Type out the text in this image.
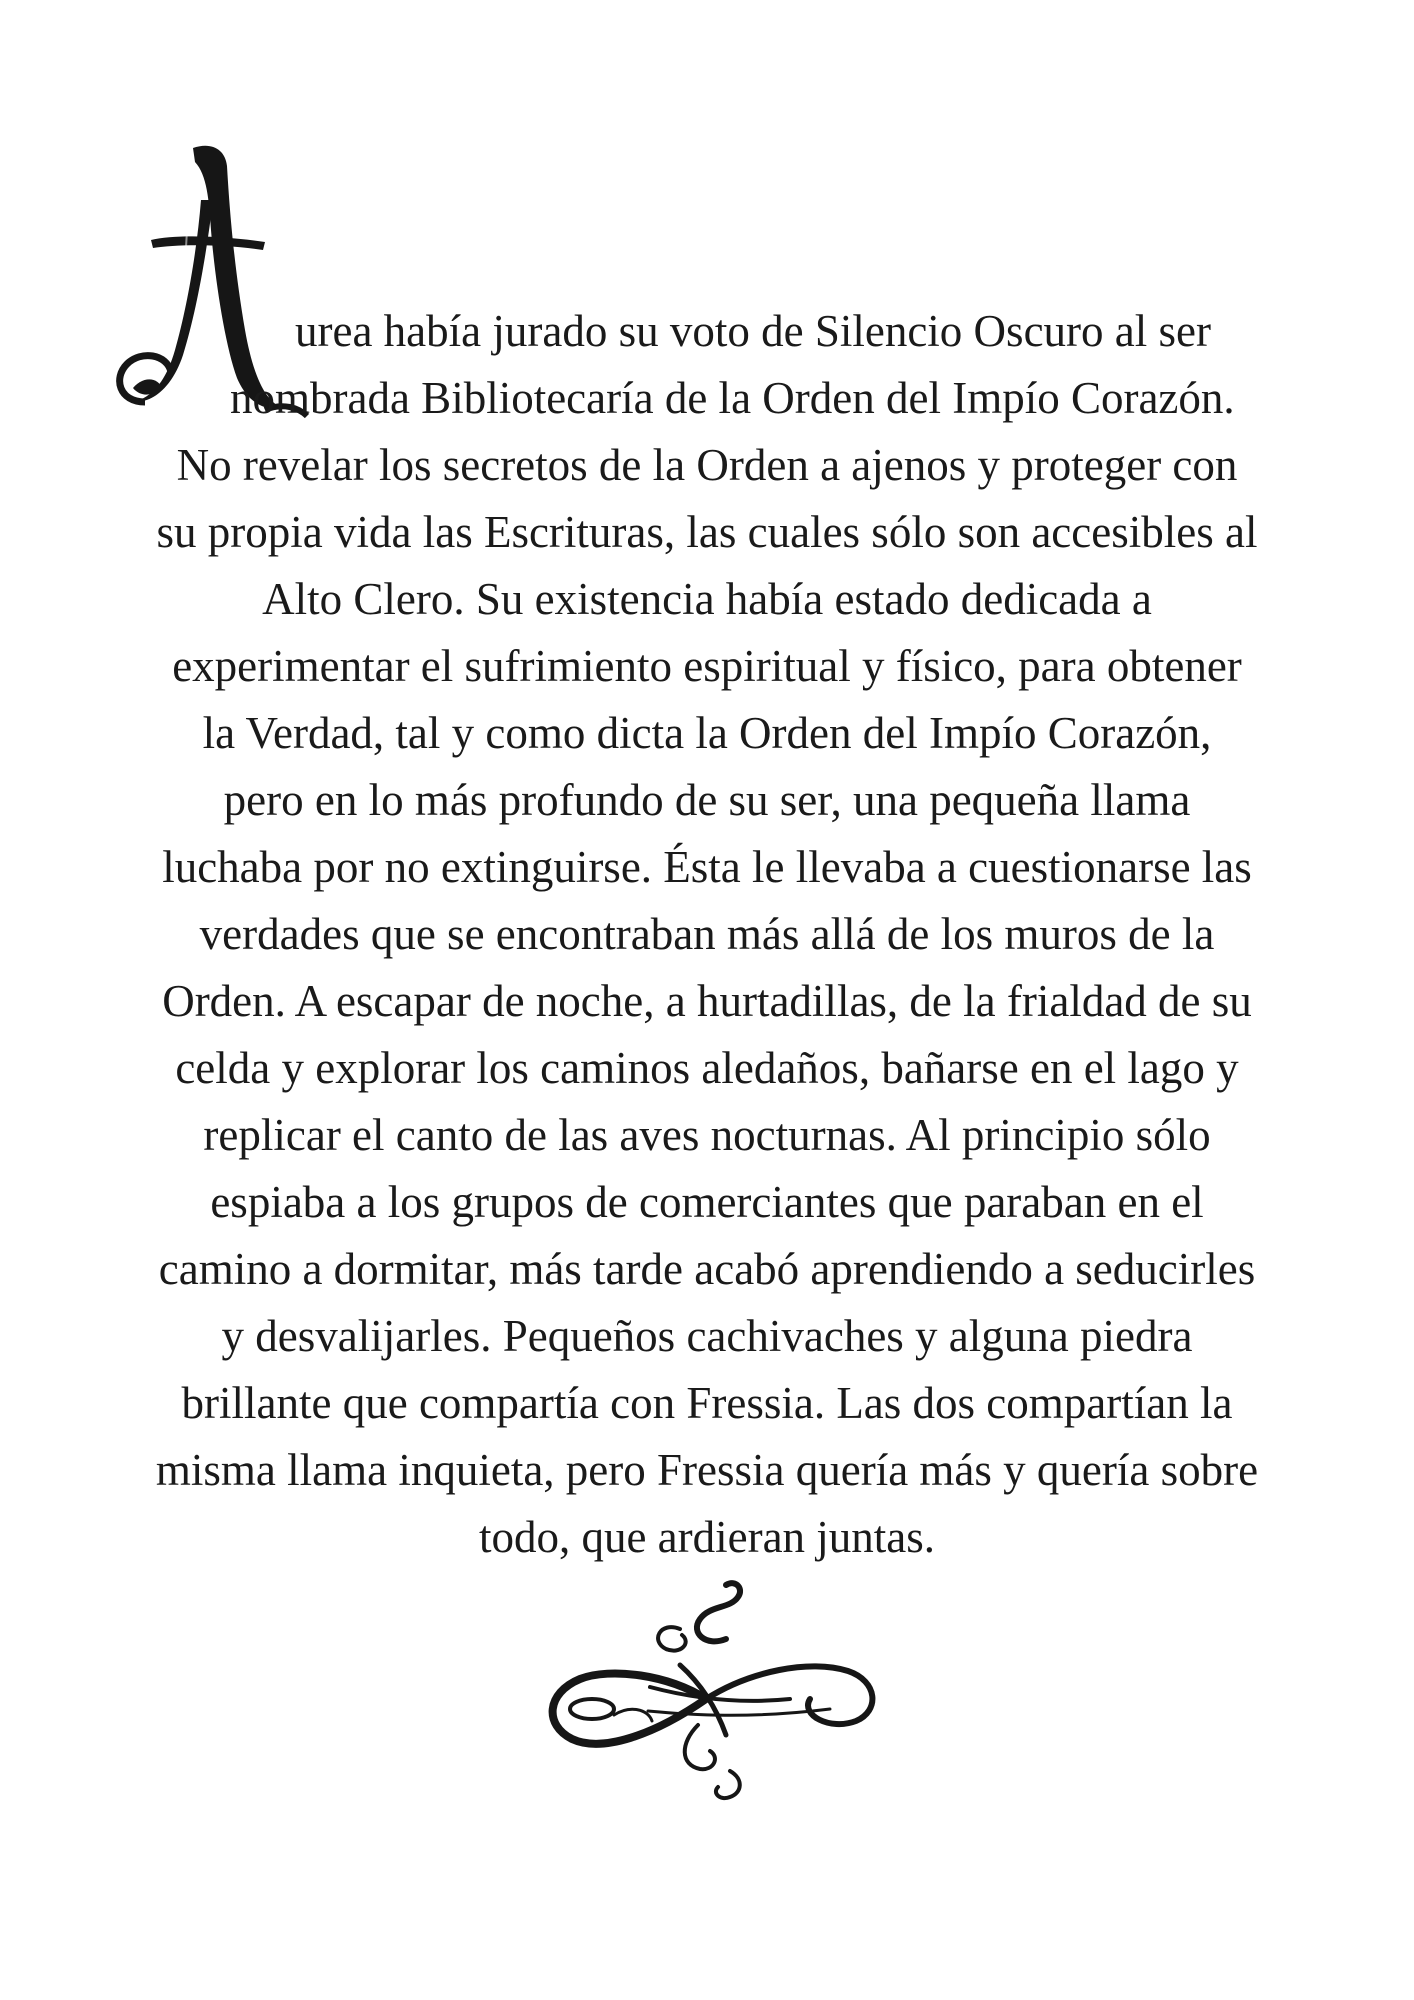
urea había jurado su voto de Silencio Oscuro al ser
nombrada Bibliotecaría de la Orden del Impío Corazón.
No revelar los secretos de la Orden a ajenos y proteger con
su propia vida las Escrituras, las cuales sólo son accesibles al
Alto Clero. Su existencia había estado dedicada a
experimentar el sufrimiento espiritual y físico, para obtener
la Verdad, tal y como dicta la Orden del Impío Corazón,
pero en lo más profundo de su ser, una pequeña llama
luchaba por no extinguirse. Ésta le llevaba a cuestionarse las
verdades que se encontraban más allá de los muros de la
Orden. A escapar de noche, a hurtadillas, de la frialdad de su
celda y explorar los caminos aledaños, bañarse en el lago y
replicar el canto de las aves nocturnas. Al principio sólo
espiaba a los grupos de comerciantes que paraban en el
camino a dormitar, más tarde acabó aprendiendo a seducirles
y desvalijarles. Pequeños cachivaches y alguna piedra
brillante que compartía con Fressia. Las dos compartían la
misma llama inquieta, pero Fressia quería más y quería sobre
todo, que ardieran juntas.
